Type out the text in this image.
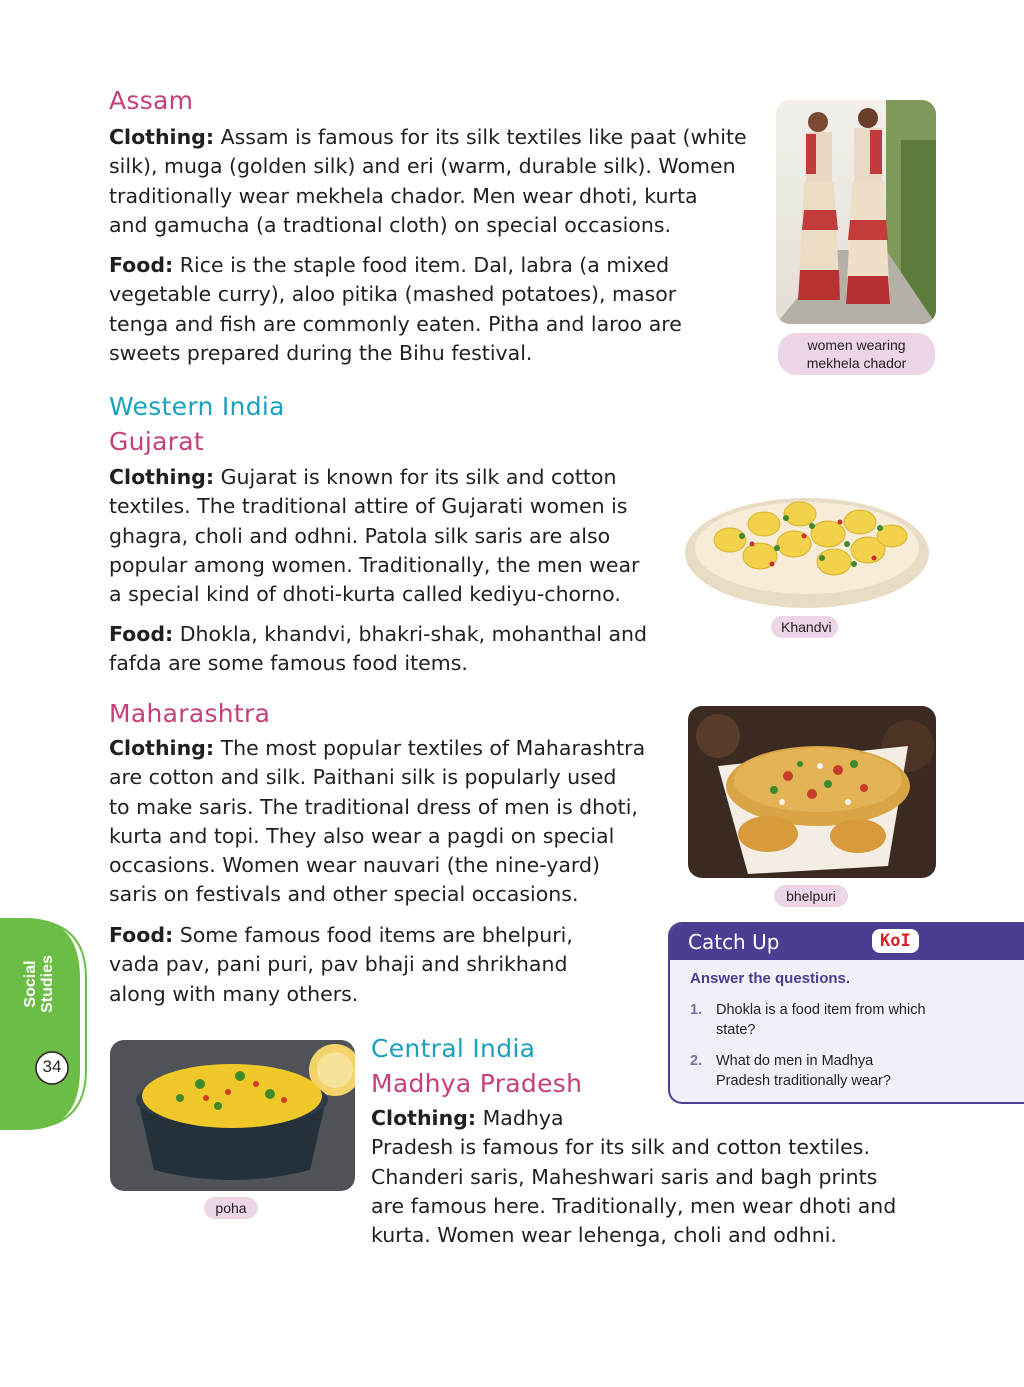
Assam

Clothing: Assam is famous for its silk textiles like paat (white

silk), muga (golden silk) and eri (warm, durable silk). Women

traditionally wear mekhela chador. Men wear dhoti, kurta

and gamucha (a tradtional cloth) on special occasions.

Food: Rice is the staple food item. Dal, labra (a mixed

vegetable curry), aloo pitika (mashed potatoes), masor

tenga and fish are commonly eaten. Pitha and laroo are

sweets prepared during the Bihu festival.	women wearing
mekhela chador
Western India
Gujarat

Clothing: Gujarat is known for its silk and cotton

textiles. The traditional attire of Gujarati women is

ghagra, choli and odhni. Patola silk saris are also

popular among women. Traditionally, the men wear

a special kind of dhoti-kurta called kediyu-chorno.

Food: Dhokla, khandvi, bhakri-shak, mohanthal and

fafda are some famous food items.

Khandvi
Maharashtra

Clothing: The most popular textiles of Maharashtra

are cotton and silk. Paithani silk is popularly used

to make saris. The traditional dress of men is dhoti,

kurta and topi. They also wear a pagdi on special

occasions. Women wear nauvari (the nine-yard)

saris on festivals and other special occasions.

Food: Some famous food items are bhelpuri,

vada pav, pani puri, pav bhaji and shrikhand

along with many others.

bhelpuri
Catch Up	KoI
Answer the questions.
1. Dhokla is a food item from which state?
2. What do men in Madhya Pradesh traditionally wear?
Social Studies
34
poha
Central India
Madhya Pradesh

Clothing: Madhya

Pradesh is famous for its silk and cotton textiles.

Chanderi saris, Maheshwari saris and bagh prints

are famous here. Traditionally, men wear dhoti and

kurta. Women wear lehenga, choli and odhni.
